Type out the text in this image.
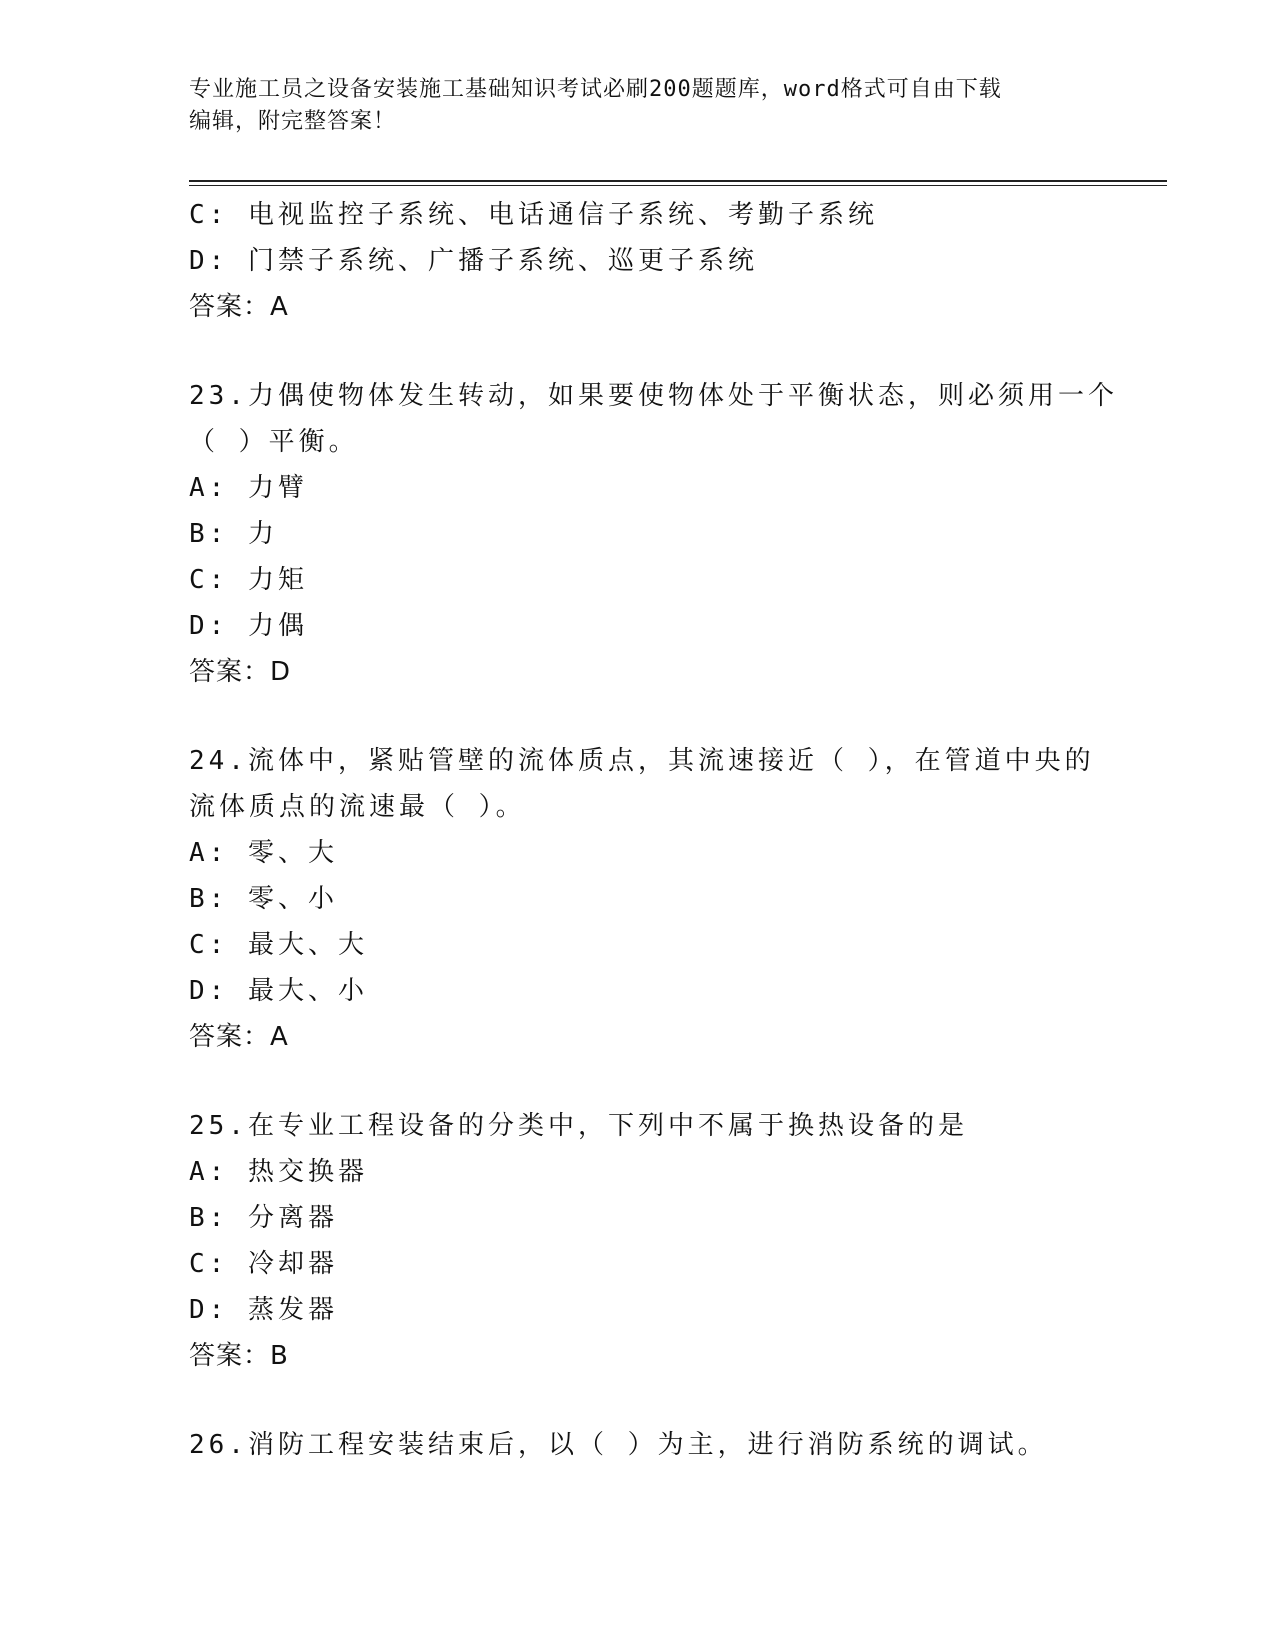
专业施工员之设备安装施工基础知识考试必刷200题题库，word格式可自由下载
编辑，附完整答案！
C: 电视监控子系统、电话通信子系统、考勤子系统
D: 门禁子系统、广播子系统、巡更子系统
答案：A
23.力偶使物体发生转动，如果要使物体处于平衡状态，则必须用一个
（ ）平衡。
A: 力臂
B: 力
C: 力矩
D: 力偶
答案：D
24.流体中，紧贴管壁的流体质点，其流速接近（ ），在管道中央的
流体质点的流速最（ ）。
A: 零、大
B: 零、小
C: 最大、大
D: 最大、小
答案：A
25.在专业工程设备的分类中，下列中不属于换热设备的是
A: 热交换器
B: 分离器
C: 冷却器
D: 蒸发器
答案：B
26.消防工程安装结束后，以（ ）为主，进行消防系统的调试。
